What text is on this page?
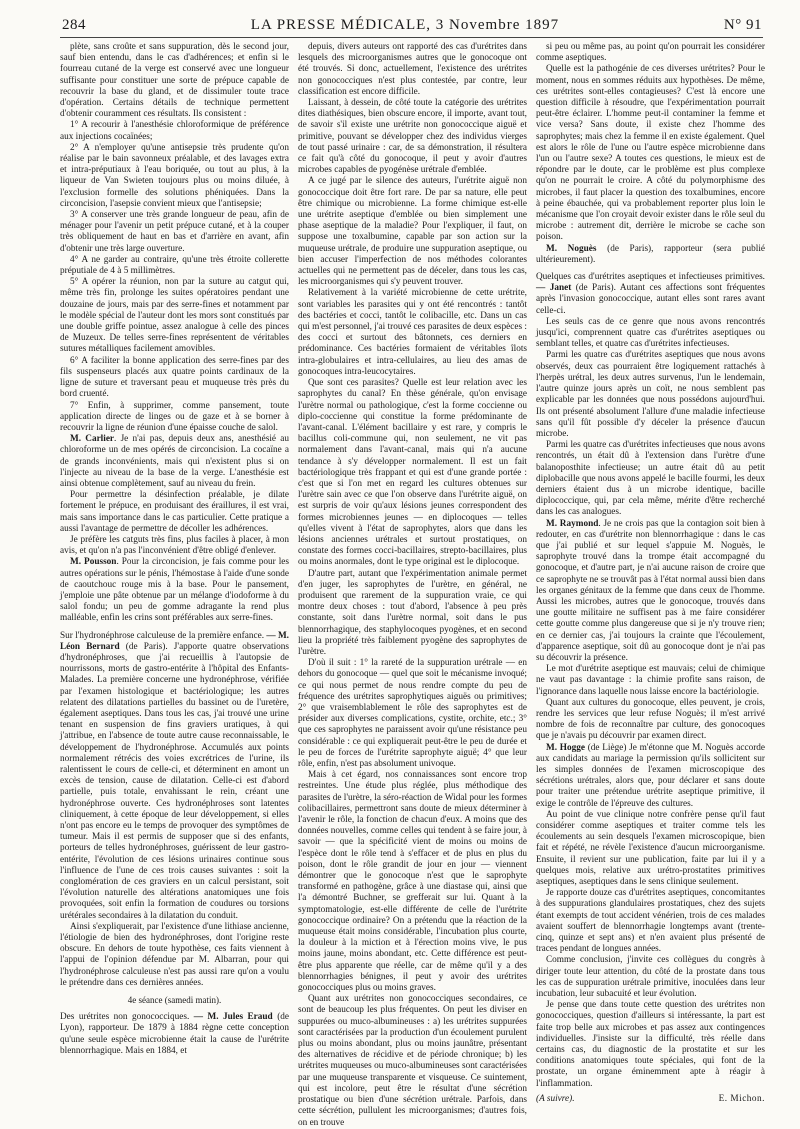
284	LA PRESSE MÉDICALE, 3 Novembre 1897	N° 91

plète, sans croûte et sans suppuration, dès le second jour, sauf bien entendu, dans le cas d'adhérences; et enfin si le fourreau cutané de la verge est conservé avec une longueur suffisante pour constituer une sorte de prépuce capable de recouvrir la base du gland, et de dissimuler toute trace d'opération. Certains détails de technique permettent d'obtenir couramment ces résultats. Ils consistent :

1° A recourir à l'anesthésie chloroformique de préférence aux injections cocaïnées;

2° A n'employer qu'une antisepsie très prudente qu'on réalise par le bain savonneux préalable, et des lavages extra et intra-préputiaux à l'eau boriquée, ou tout au plus, à la liqueur de Van Swieten toujours plus ou moins diluée, à l'exclusion formelle des solutions phéniquées. Dans la circoncision, l'asepsie convient mieux que l'antisepsie;

3° A conserver une très grande longueur de peau, afin de ménager pour l'avenir un petit prépuce cutané, et à la couper très obliquement de haut en bas et d'arrière en avant, afin d'obtenir une très large ouverture.

4° A ne garder au contraire, qu'une très étroite collerette préputiale de 4 à 5 millimètres.

5° A opérer la réunion, non par la suture au catgut qui, même très fin, prolonge les suites opératoires pendant une douzaine de jours, mais par des serre-fines et notamment par le modèle spécial de l'auteur dont les mors sont constitués par une double griffe pointue, assez analogue à celle des pinces de Muzeux. De telles serre-fines représentent de véritables sutures métalliques facilement amovibles.

6° A faciliter la bonne application des serre-fines par des fils suspenseurs placés aux quatre points cardinaux de la ligne de suture et traversant peau et muqueuse très près du bord cruenté.

7° Enfin, à supprimer, comme pansement, toute application directe de linges ou de gaze et à se borner à recouvrir la ligne de réunion d'une épaisse couche de salol.

M. Carlier. Je n'ai pas, depuis deux ans, anesthésié au chloroforme un de mes opérés de circoncision. La cocaïne a de grands inconvénients, mais qui n'existent plus si on l'injecte au niveau de la base de la verge. L'anesthésie est ainsi obtenue complètement, sauf au niveau du frein.

Pour permettre la désinfection préalable, je dilate fortement le prépuce, en produisant des éraillures, il est vrai, mais sans importance dans le cas particulier. Cette pratique a aussi l'avantage de permettre de décoller les adhérences.

Je préfère les catguts très fins, plus faciles à placer, à mon avis, et qu'on n'a pas l'inconvénient d'être obligé d'enlever.

M. Pousson. Pour la circoncision, je fais comme pour les autres opérations sur le pénis, l'hémostase à l'aide d'une sonde de caoutchouc rouge mis à la base. Pour le pansement, j'emploie une pâte obtenue par un mélange d'iodoforme à du salol fondu; un peu de gomme adragante la rend plus malléable, enfin les crins sont préférables aux serre-fines.

Sur l'hydronéphrose calculeuse de la première enfance. — M. Léon Bernard (de Paris). J'apporte quatre observations d'hydronéphroses, que j'ai recueillis à l'autopsie de nourrissons, morts de gastro-entérite à l'hôpital des Enfants-Malades. La première concerne une hydronéphrose, vérifiée par l'examen histologique et bactériologique; les autres relatent des dilatations partielles du bassinet ou de l'uretère, également aseptiques. Dans tous les cas, j'ai trouvé une urine tenant en suspension de fins graviers uratiques, à qui j'attribue, en l'absence de toute autre cause reconnaissable, le développement de l'hydronéphrose. Accumulés aux points normalement rétrécis des voies excrétrices de l'urine, ils ralentissent le cours de celle-ci, et déterminent en amont un excès de tension, cause de dilatation. Celle-ci est d'abord partielle, puis totale, envahissant le rein, créant une hydronéphrose ouverte. Ces hydronéphroses sont latentes cliniquement, à cette époque de leur développement, si elles n'ont pas encore eu le temps de provoquer des symptômes de tumeur. Mais il est permis de supposer que si des enfants, porteurs de telles hydronéphroses, guérissent de leur gastro-entérite, l'évolution de ces lésions urinaires continue sous l'influence de l'une de ces trois causes suivantes : soit la conglomération de ces graviers en un calcul persistant, soit l'évolution naturelle des altérations anatomiques une fois provoquées, soit enfin la formation de coudures ou torsions urétérales secondaires à la dilatation du conduit.

Ainsi s'expliquerait, par l'existence d'une lithiase ancienne, l'étiologie de bien des hydronéphroses, dont l'origine reste obscure. En dehors de toute hypothèse, ces faits viennent à l'appui de l'opinion défendue par M. Albarran, pour qui l'hydronéphrose calculeuse n'est pas aussi rare qu'on a voulu le prétendre dans ces dernières années.

4e séance (samedi matin).

Des urétrites non gonococciques. — M. Jules Eraud (de Lyon), rapporteur. De 1879 à 1884 règne cette conception qu'une seule espèce microbienne était la cause de l'urétrite blennorrhagique. Mais en 1884, et

depuis, divers auteurs ont rapporté des cas d'urétrites dans lesquels des microorganismes autres que le gonocoque ont été trouvés. Si donc, actuellement, l'existence des urétrites non gonococciques n'est plus contestée, par contre, leur classification est encore difficile.

Laissant, à dessein, de côté toute la catégorie des urétrites dites diathésiques, bien obscure encore, il importe, avant tout, de savoir s'il existe une urétrite non gonococcique aiguë et primitive, pouvant se développer chez des individus vierges de tout passé urinaire : car, de sa démonstration, il résultera ce fait qu'à côté du gonocoque, il peut y avoir d'autres microbes capables de pyogénèse urétrale d'emblée.

A ce jugé par le silence des auteurs, l'urétrite aiguë non gonococcique doit être fort rare. De par sa nature, elle peut être chimique ou microbienne. La forme chimique est-elle une urétrite aseptique d'emblée ou bien simplement une phase aseptique de la maladie? Pour l'expliquer, il faut, on suppose une toxalbumine, capable par son action sur la muqueuse urétrale, de produire une suppuration aseptique, ou bien accuser l'imperfection de nos méthodes colorantes actuelles qui ne permettent pas de déceler, dans tous les cas, les microorganismes qui s'y peuvent trouver.

Relativement à la variété microbienne de cette urétrite, sont variables les parasites qui y ont été rencontrés : tantôt des bactéries et cocci, tantôt le colibacille, etc. Dans un cas qui m'est personnel, j'ai trouvé ces parasites de deux espèces : des cocci et surtout des bâtonnets, ces derniers en prédominance. Ces bactéries formaient de véritables îlots intra-globulaires et intra-cellulaires, au lieu des amas de gonocoques intra-leucocytaires.

Que sont ces parasites? Quelle est leur relation avec les saprophytes du canal? En thèse générale, qu'on envisage l'urètre normal ou pathologique, c'est la forme coccienne ou diplo-coccienne qui constitue la forme prédominante de l'avant-canal. L'élément bacillaire y est rare, y compris le bacillus coli-commune qui, non seulement, ne vit pas normalement dans l'avant-canal, mais qui n'a aucune tendance à s'y développer normalement. Il est un fait bactériologique très frappant et qui est d'une grande portée : c'est que si l'on met en regard les cultures obtenues sur l'urètre sain avec ce que l'on observe dans l'urétrite aiguë, on est surpris de voir qu'aux lésions jeunes correspondent des formes microbiennes jeunes — en diplocoques — telles qu'elles vivent à l'état de saprophytes, alors que dans les lésions anciennes urétrales et surtout prostatiques, on constate des formes cocci-bacillaires, strepto-bacillaires, plus ou moins anormales, dont le type original est le diplocoque.

D'autre part, autant que l'expérimentation animale permet d'en juger, les saprophytes de l'urètre, en général, ne produisent que rarement de la suppuration vraie, ce qui montre deux choses : tout d'abord, l'absence à peu près constante, soit dans l'urètre normal, soit dans le pus blennorrhagique, des staphylocoques pyogènes, et en second lieu la propriété très faiblement pyogène des saprophytes de l'urètre.

D'où il suit : 1° la rareté de la suppuration urétrale — en dehors du gonocoque — quel que soit le mécanisme invoqué; ce qui nous permet de nous rendre compte du peu de fréquence des urétrites saprophytiques aiguës ou primitives; 2° que vraisemblablement le rôle des saprophytes est de présider aux diverses complications, cystite, orchite, etc.; 3° que ces saprophytes ne paraissent avoir qu'une résistance peu considérable : ce qui expliquerait peut-être le peu de durée et le peu de forces de l'urétrite saprophyte aiguë; 4° que leur rôle, enfin, n'est pas absolument univoque.

Mais à cet égard, nos connaissances sont encore trop restreintes. Une étude plus réglée, plus méthodique des parasites de l'urètre, la séro-réaction de Widal pour les formes colibacillaires, permettront sans doute de mieux déterminer à l'avenir le rôle, la fonction de chacun d'eux. A moins que des données nouvelles, comme celles qui tendent à se faire jour, à savoir — que la spécificité vient de moins ou moins de l'espèce dont le rôle tend à s'effacer et de plus en plus du poison, dont le rôle grandit de jour en jour — viennent démontrer que le gonocoque n'est que le saprophyte transformé en pathogène, grâce à une diastase qui, ainsi que l'a démontré Buchner, se grefferait sur lui. Quant à la symptomatologie, est-elle différente de celle de l'urétrite gonococcique ordinaire? On a prétendu que la réaction de la muqueuse était moins considérable, l'incubation plus courte, la douleur à la miction et à l'érection moins vive, le pus moins jaune, moins abondant, etc. Cette différence est peut-être plus apparente que réelle, car de même qu'il y a des blennorrhagies bénignes, il peut y avoir des urétrites gonococciques plus ou moins graves.

Quant aux urétrites non gonococciques secondaires, ce sont de beaucoup les plus fréquentes. On peut les diviser en suppurées ou muco-albumineuses : a) les urétrites suppurées sont caractérisées par la production d'un écoulement purulent plus ou moins abondant, plus ou moins jaunâtre, présentant des alternatives de récidive et de période chronique; b) les urétrites muqueuses ou muco-albumineuses sont caractérisées par une muqueuse transparente et visqueuse. Ce suintement, qui est incolore, peut être le résultat d'une sécrétion prostatique ou bien d'une sécrétion urétrale. Parfois, dans cette sécrétion, pullulent les microorganismes; d'autres fois, on en trouve

si peu ou même pas, au point qu'on pourrait les considérer comme aseptiques.

Quelle est la pathogénie de ces diverses urétrites? Pour le moment, nous en sommes réduits aux hypothèses. De même, ces urétrites sont-elles contagieuses? C'est là encore une question difficile à résoudre, que l'expérimentation pourrait peut-être éclairer. L'homme peut-il contaminer la femme et vice versa? Sans doute, il existe chez l'homme des saprophytes; mais chez la femme il en existe également. Quel est alors le rôle de l'une ou l'autre espèce microbienne dans l'un ou l'autre sexe? A toutes ces questions, le mieux est de répondre par le doute, car le problème est plus complexe qu'on ne pourrait le croire. A côté du polymorphisme des microbes, il faut placer la question des toxalbumines, encore à peine ébauchée, qui va probablement reporter plus loin le mécanisme que l'on croyait devoir exister dans le rôle seul du microbe : autrement dit, derrière le microbe se cache son poison.

M. Noguès (de Paris), rapporteur (sera publié ultérieurement).

Quelques cas d'urétrites aseptiques et infectieuses primitives. — Janet (de Paris). Autant ces affections sont fréquentes après l'invasion gonococcique, autant elles sont rares avant celle-ci.

Les seuls cas de ce genre que nous avons rencontrés jusqu'ici, comprennent quatre cas d'urétrites aseptiques ou semblant telles, et quatre cas d'urétrites infectieuses.

Parmi les quatre cas d'urétrites aseptiques que nous avons observés, deux cas pourraient être logiquement rattachés à l'herpès urétral, les deux autres survenus, l'un le lendemain, l'autre quinze jours après un coït, ne nous semblent pas explicable par les données que nous possédons aujourd'hui. Ils ont présenté absolument l'allure d'une maladie infectieuse sans qu'il fût possible d'y déceler la présence d'aucun microbe.

Parmi les quatre cas d'urétrites infectieuses que nous avons rencontrés, un était dû à l'extension dans l'urètre d'une balanoposthite infectieuse; un autre était dû au petit diplobacille que nous avons appelé le bacille fourmi, les deux derniers étaient dus à un microbe identique, bacille diplococcique, qui, par cela même, mérite d'être recherché dans les cas analogues.

M. Raymond. Je ne crois pas que la contagion soit bien à redouter, en cas d'urétrite non blennorrhagique : dans le cas que j'ai publié et sur lequel s'appuie M. Noguès, le saprophyte trouvé dans la trompe était accompagné du gonocoque, et d'autre part, je n'ai aucune raison de croire que ce saprophyte ne se trouvât pas à l'état normal aussi bien dans les organes génitaux de la femme que dans ceux de l'homme. Aussi les microbes, autres que le gonocoque, trouvés dans une goutte militaire ne suffisent pas à me faire considérer cette goutte comme plus dangereuse que si je n'y trouve rien; en ce dernier cas, j'ai toujours la crainte que l'écoulement, d'apparence aseptique, soit dû au gonocoque dont je n'ai pas su découvrir la présence.

Le mot d'urétrite aseptique est mauvais; celui de chimique ne vaut pas davantage : la chimie profite sans raison, de l'ignorance dans laquelle nous laisse encore la bactériologie.

Quant aux cultures du gonocoque, elles peuvent, je crois, rendre les services que leur refuse Noguès; il m'est arrivé nombre de fois de reconnaître par culture, des gonocoques que je n'avais pu découvrir par examen direct.

M. Hogge (de Liège) Je m'étonne que M. Noguès accorde aux candidats au mariage la permission qu'ils sollicitent sur les simples données de l'examen microscopique des sécrétions urétrales, alors que, pour déclarer et sans doute pour traiter une prétendue urétrite aseptique primitive, il exige le contrôle de l'épreuve des cultures.

Au point de vue clinique notre confrère pense qu'il faut considérer comme aseptiques et traiter comme tels les écoulements au sein desquels l'examen microscopique, bien fait et répété, ne révèle l'existence d'aucun microorganisme. Ensuite, il revient sur une publication, faite par lui il y a quelques mois, relative aux urétro-prostatites primitives aseptiques, aseptiques dans le sens clinique seulement.

Je rapporte douze cas d'urétrites aseptiques, concomitantes à des suppurations glandulaires prostatiques, chez des sujets étant exempts de tout accident vénérien, trois de ces malades avaient souffert de blennorrhagie longtemps avant (trente-cinq, quinze et sept ans) et n'en avaient plus présenté de traces pendant de longues années.

Comme conclusion, j'invite ces collègues du congrès à diriger toute leur attention, du côté de la prostate dans tous les cas de suppuration urétrale primitive, inoculées dans leur incubation, leur subacuité et leur évolution.

Je pense que dans toute cette question des urétrites non gonococciques, question d'ailleurs si intéressante, la part est faite trop belle aux microbes et pas assez aux contingences individuelles. J'insiste sur la difficulté, très réelle dans certains cas, du diagnostic de la prostatite et sur les conditions anatomiques toute spéciales, qui font de la prostate, un organe éminemment apte à réagir à l'inflammation.

(A suivre).	E. Michon.
